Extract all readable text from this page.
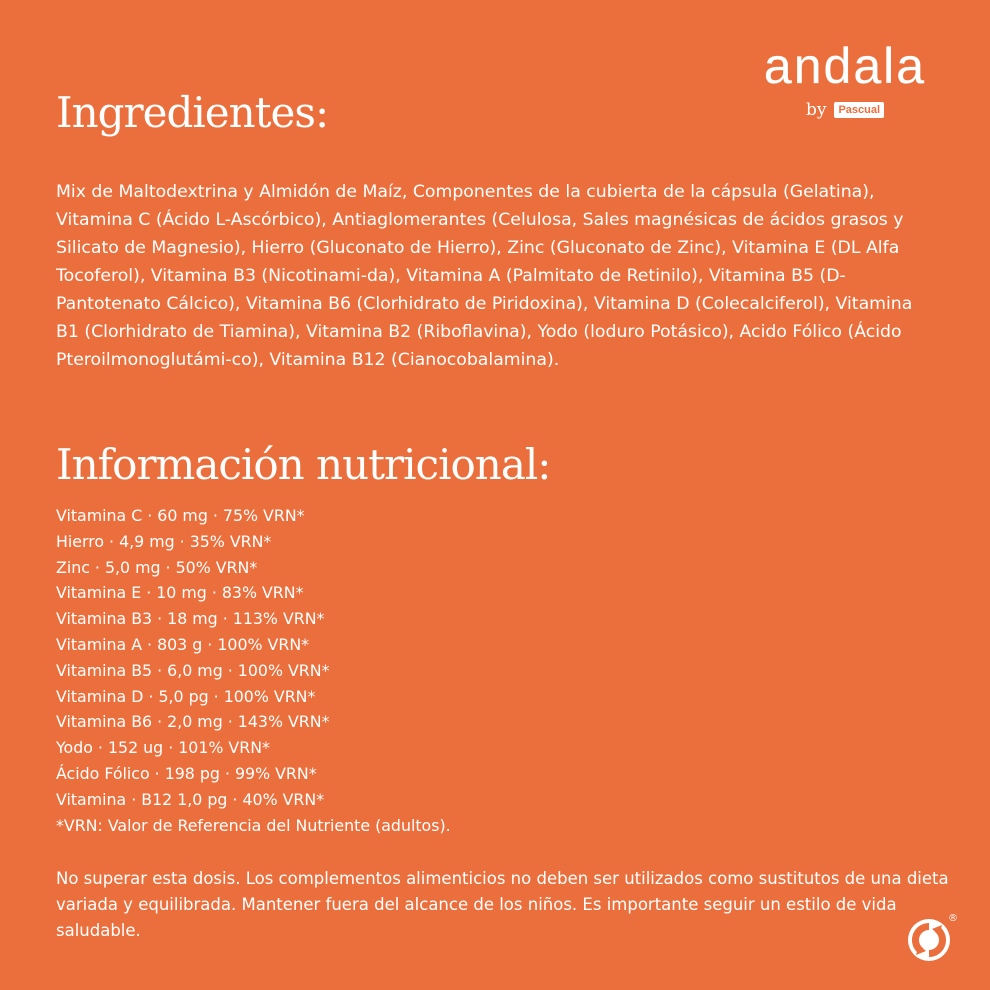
andala
by	Pascual
Ingredientes:

Mix de Maltodextrina y Almidón de Maíz, Componentes de la cubierta de la cápsula (Gelatina), Vitamina C (Ácido L-Ascórbico), Antiaglomerantes (Celulosa, Sales magnésicas de ácidos grasos y Silicato de Magnesio), Hierro (Gluconato de Hierro), Zinc (Gluconato de Zinc), Vitamina E (DL Alfa Tocoferol), Vitamina B3 (Nicotinami-da), Vitamina A (Palmitato de Retinilo), Vitamina B5 (D-Pantotenato Cálcico), Vitamina B6 (Clorhidrato de Piridoxina), Vitamina D (Colecalciferol), Vitamina B1 (Clorhidrato de Tiamina), Vitamina B2 (Riboflavina), Yodo (loduro Potásico), Acido Fólico (Ácido Pteroilmonoglutámi-co), Vitamina B12 (Cianocobalamina).

Información nutricional:
Vitamina C · 60 mg · 75% VRN*
Hierro · 4,9 mg · 35% VRN*
Zinc · 5,0 mg · 50% VRN*
Vitamina E · 10 mg · 83% VRN*
Vitamina B3 · 18 mg · 113% VRN*
Vitamina A · 803 g · 100% VRN*
Vitamina B5 · 6,0 mg · 100% VRN*
Vitamina D · 5,0 pg · 100% VRN*
Vitamina B6 · 2,0 mg · 143% VRN*
Yodo · 152 ug · 101% VRN*
Ácido Fólico · 198 pg · 99% VRN*
Vitamina · B12 1,0 pg · 40% VRN*
*VRN: Valor de Referencia del Nutriente (adultos).

No superar esta dosis. Los complementos alimenticios no deben ser utilizados como sustitutos de una dieta variada y equilibrada. Mantener fuera del alcance de los niños. Es importante seguir un estilo de vida saludable.

®
